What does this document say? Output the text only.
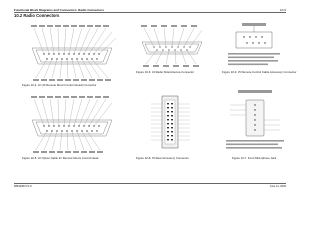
Functional Block Diagrams and Connectors: Radio Connectors	10-5
10.2 Radio Connectors
Figure 10-4. J2 (J3 Remote Mount Control Head) Connector
Figure 10-5. J2 Option Cable for Remote Mount Control Head
Figure 10-6. J3 Radio Side/Antenna Connector
Figure 10-8. J5 Rear Accessory Connector
Figure 10-9. J5 Remote Control Cable Accessory Connector
Figure 10-7. Front Microphone Jack
6881096C73-O	June 11, 2003
